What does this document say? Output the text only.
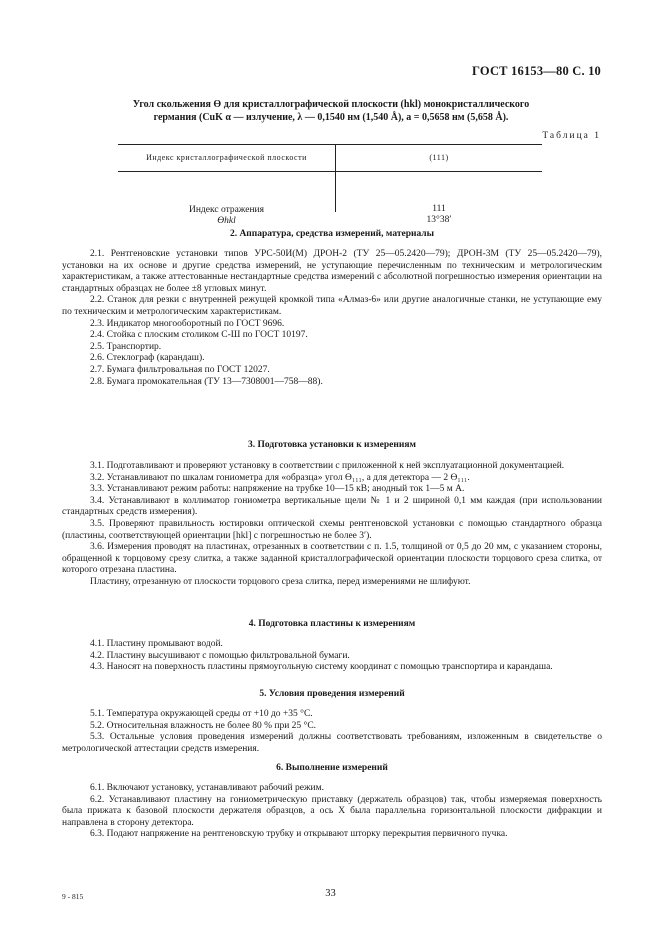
ГОСТ 16153—80 С. 10
Угол скольжения ϴ для кристаллографической плоскости (hkl) монокристаллического
германия (CuK α — излучение, λ — 0,1540 нм (1,540 Å), a = 0,5658 нм (5,658 Å).
Таблица 1
Индекс кристаллографической плоскости	(111)
Индекс отражения
ϴhkl
111
13°38′
2. Аппаратура, средства измерений, материалы
2.1. Рентгеновские установки типов УРС-50И(М) ДРОН-2 (ТУ 25—05.2420—79); ДРОН-3М (ТУ 25—05.2420—79), установки на их основе и другие средства измерений, не уступающие перечисленным по техническим и метрологическим характеристикам, а также аттестованные нестандартные средства измерений с абсолютной погрешностью измерения ориентации на стандартных образцах не более ±8 угловых минут.
2.2. Станок для резки с внутренней режущей кромкой типа «Алмаз-6» или другие аналогичные станки, не уступающие ему по техническим и метрологическим характеристикам.
2.3. Индикатор многооборотный по ГОСТ 9696.
2.4. Стойка с плоским столиком С-Ш по ГОСТ 10197.
2.5. Транспортир.
2.6. Стеклограф (карандаш).
2.7. Бумага фильтровальная по ГОСТ 12027.
2.8. Бумага промокательная (ТУ 13—7308001—758—88).
3. Подготовка установки к измерениям
3.1. Подготавливают и проверяют установку в соответствии с приложенной к ней эксплуатационной документацией.
3.2. Устанавливают по шкалам гониометра для «образца» угол ϴ₁₁₁, а для детектора — 2 ϴ₁₁₁.
3.3. Устанавливают режим работы: напряжение на трубке 10—15 кВ; анодный ток 1—5 м А.
3.4. Устанавливают в коллиматор гониометра вертикальные щели № 1 и 2 шириной 0,1 мм каждая (при использовании стандартных средств измерения).
3.5. Проверяют правильность юстировки оптической схемы рентгеновской установки с помощью стандартного образца (пластины, соответствующей ориентации [hkl] с погрешностью не более 3′).
3.6. Измерения проводят на пластинах, отрезанных в соответствии с п. 1.5, толщиной от 0,5 до 20 мм, с указанием стороны, обращенной к торцовому срезу слитка, а также заданной кристаллографической ориентации плоскости торцового среза слитка, от которого отрезана пластина.
Пластину, отрезанную от плоскости торцового среза слитка, перед измерениями не шлифуют.
4. Подготовка пластины к измерениям
4.1. Пластину промывают водой.
4.2. Пластину высушивают с помощью фильтровальной бумаги.
4.3. Наносят на поверхность пластины прямоугольную систему координат с помощью транспортира и карандаша.
5. Условия проведения измерений
5.1. Температура окружающей среды от +10 до +35 °С.
5.2. Относительная влажность не более 80 % при 25 °С.
5.3. Остальные условия проведения измерений должны соответствовать требованиям, изложенным в свидетельстве о метрологической аттестации средств измерения.
6. Выполнение измерений
6.1. Включают установку, устанавливают рабочий режим.
6.2. Устанавливают пластину на гониометрическую приставку (держатель образцов) так, чтобы измеряемая поверхность была прижата к базовой плоскости держателя образцов, а ось X была параллельна горизонтальной плоскости дифракции и направлена в сторону детектора.
6.3. Подают напряжение на рентгеновскую трубку и открывают шторку перекрытия первичного пучка.
9 - 815	33
